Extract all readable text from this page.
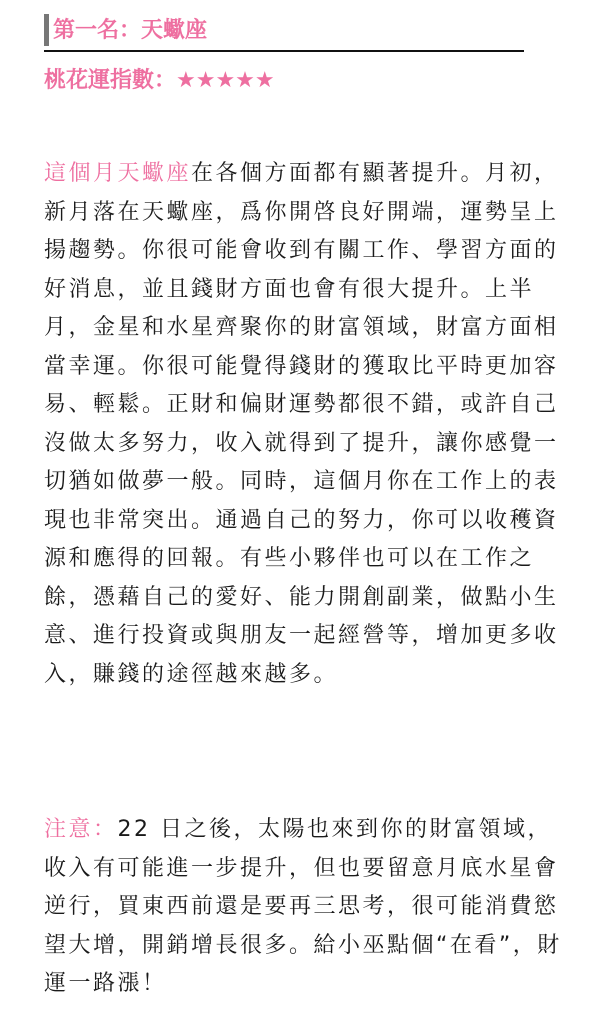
第一名：天蠍座
桃花運指數：★★★★★
這個月天蠍座在各個方面都有顯著提升。月初，新月落在天蠍座，爲你開啓良好開端，運勢呈上揚趨勢。你很可能會收到有關工作、學習方面的好消息，並且錢財方面也會有很大提升。上半月，金星和水星齊聚你的財富領域，財富方面相當幸運。你很可能覺得錢財的獲取比平時更加容易、輕鬆。正財和偏財運勢都很不錯，或許自己沒做太多努力，收入就得到了提升，讓你感覺一切猶如做夢一般。同時，這個月你在工作上的表現也非常突出。通過自己的努力，你可以收穫資源和應得的回報。有些小夥伴也可以在工作之餘，憑藉自己的愛好、能力開創副業，做點小生意、進行投資或與朋友一起經營等，增加更多收入，賺錢的途徑越來越多。
注意：22 日之後，太陽也來到你的財富領域，收入有可能進一步提升，但也要留意月底水星會逆行，買東西前還是要再三思考，很可能消費慾望大增，開銷增長很多。給小巫點個“在看”，財運一路漲！
